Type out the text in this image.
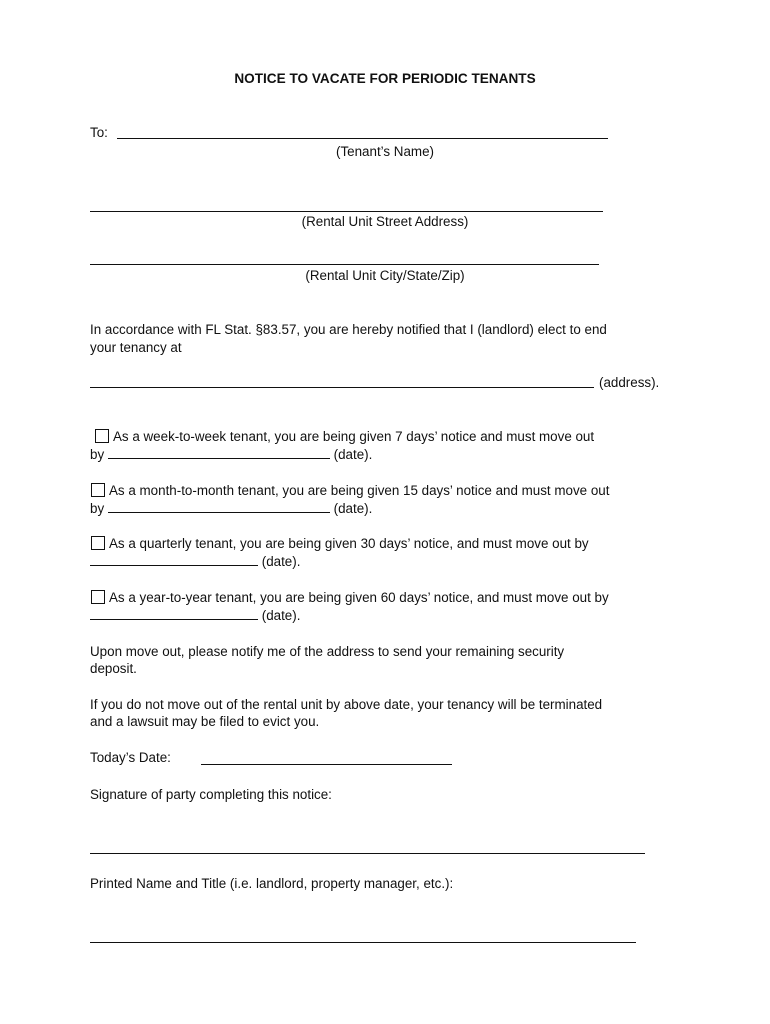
NOTICE TO VACATE FOR PERIODIC TENANTS
To:
(Tenant’s Name)
(Rental Unit Street Address)
(Rental Unit City/State/Zip)
In accordance with FL Stat. §83.57, you are hereby notified that I (landlord) elect to end
your tenancy at
(address).
As a week-to-week tenant, you are being given 7 days’ notice and must move out
by	(date).
As a month-to-month tenant, you are being given 15 days’ notice and must move out
by	(date).
As a quarterly tenant, you are being given 30 days’ notice, and must move out by
(date).
As a year-to-year tenant, you are being given 60 days’ notice, and must move out by
(date).
Upon move out, please notify me of the address to send your remaining security
deposit.
If you do not move out of the rental unit by above date, your tenancy will be terminated
and a lawsuit may be filed to evict you.
Today’s Date:
Signature of party completing this notice:
Printed Name and Title (i.e. landlord, property manager, etc.):
